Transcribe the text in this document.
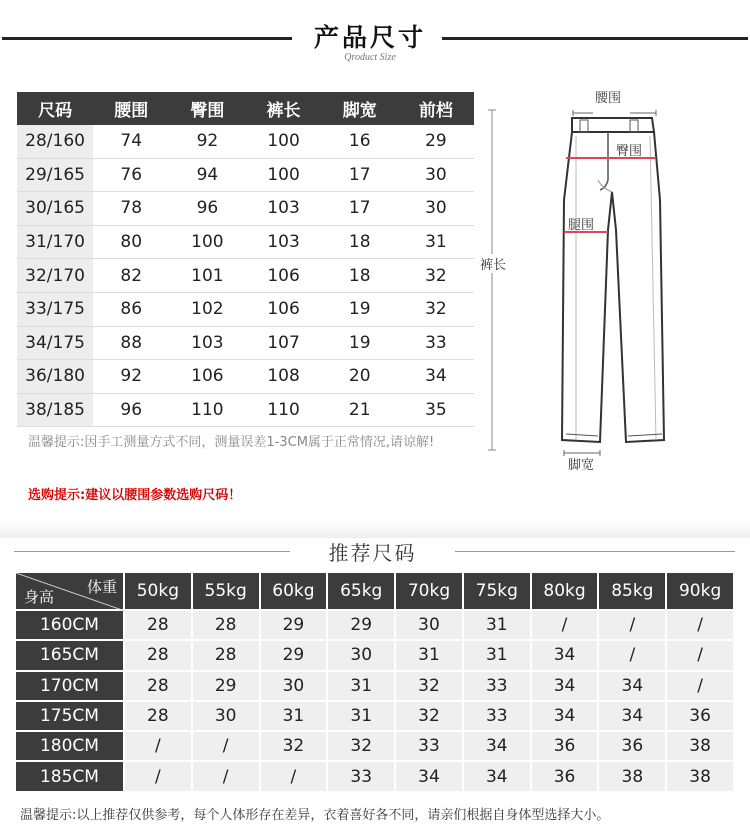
产品尺寸
Qroduct Size
尺码	腰围	臀围	裤长	脚宽	前档
28/160	74	92	100	16	29
29/165	76	94	100	17	30
30/165	78	96	103	17	30
31/170	80	100	103	18	31
32/170	82	101	106	18	32
33/175	86	102	106	19	32
34/175	88	103	107	19	33
36/180	92	106	108	20	34
38/185	96	110	110	21	35
温馨提示:因手工测量方式不同，测量误差1-3CM属于正常情况,请谅解!
选购提示:建议以腰围参数选购尺码！
腰围
臀围
腿围
裤长
脚宽
推荐尺码
体重
身高	50kg	55kg	60kg	65kg	70kg	75kg	80kg	85kg	90kg
160CM	28	28	29	29	30	31	/	/	/
165CM	28	28	29	30	31	31	34	/	/
170CM	28	29	30	31	32	33	34	34	/
175CM	28	30	31	31	32	33	34	34	36
180CM	/	/	32	32	33	34	36	36	38
185CM	/	/	/	33	34	34	36	38	38
温馨提示:以上推荐仅供参考，每个人体形存在差异，衣着喜好各不同，请亲们根据自身体型选择大小。
